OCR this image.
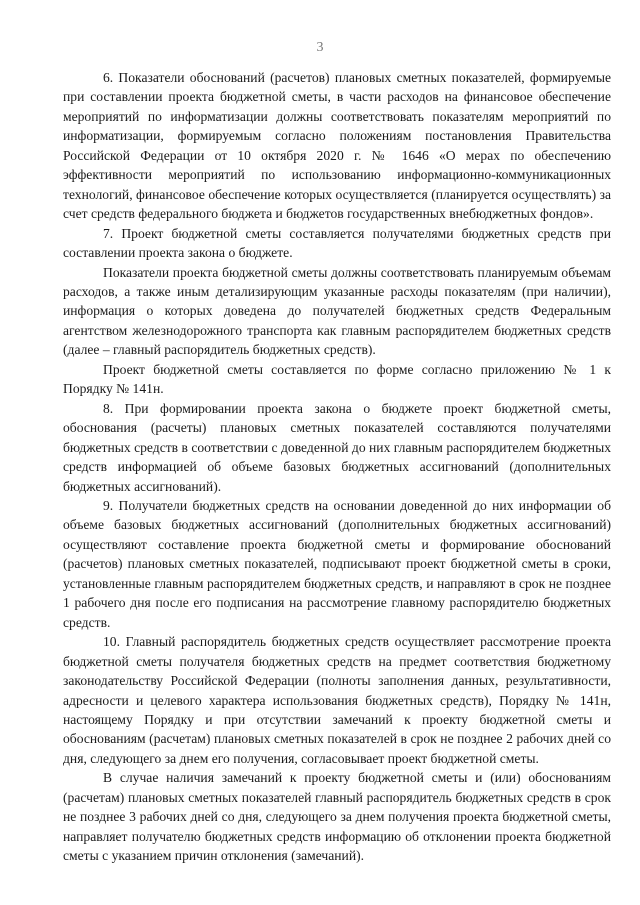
3

6. Показатели обоснований (расчетов) плановых сметных показателей, формируемые при составлении проекта бюджетной сметы, в части расходов на финансовое обеспечение мероприятий по информатизации должны соответствовать показателям мероприятий по информатизации, формируемым согласно положениям постановления Правительства Российской Федерации от 10 октября 2020 г. № 1646 «О мерах по обеспечению эффективности мероприятий по использованию информационно-коммуникационных технологий, финансовое обеспечение которых осуществляется (планируется осуществлять) за счет средств федерального бюджета и бюджетов государственных внебюджетных фондов».

7. Проект бюджетной сметы составляется получателями бюджетных средств при составлении проекта закона о бюджете.

Показатели проекта бюджетной сметы должны соответствовать планируемым объемам расходов, а также иным детализирующим указанные расходы показателям (при наличии), информация о которых доведена до получателей бюджетных средств Федеральным агентством железнодорожного транспорта как главным распорядителем бюджетных средств (далее – главный распорядитель бюджетных средств).

Проект бюджетной сметы составляется по форме согласно приложению № 1 к Порядку № 141н.

8. При формировании проекта закона о бюджете проект бюджетной сметы, обоснования (расчеты) плановых сметных показателей составляются получателями бюджетных средств в соответствии с доведенной до них главным распорядителем бюджетных средств информацией об объеме базовых бюджетных ассигнований (дополнительных бюджетных ассигнований).

9. Получатели бюджетных средств на основании доведенной до них информации об объеме базовых бюджетных ассигнований (дополнительных бюджетных ассигнований) осуществляют составление проекта бюджетной сметы и формирование обоснований (расчетов) плановых сметных показателей, подписывают проект бюджетной сметы в сроки, установленные главным распорядителем бюджетных средств, и направляют в срок не позднее 1 рабочего дня после его подписания на рассмотрение главному распорядителю бюджетных средств.

10. Главный распорядитель бюджетных средств осуществляет рассмотрение проекта бюджетной сметы получателя бюджетных средств на предмет соответствия бюджетному законодательству Российской Федерации (полноты заполнения данных, результативности, адресности и целевого характера использования бюджетных средств), Порядку № 141н, настоящему Порядку и при отсутствии замечаний к проекту бюджетной сметы и обоснованиям (расчетам) плановых сметных показателей в срок не позднее 2 рабочих дней со дня, следующего за днем его получения, согласовывает проект бюджетной сметы.

В случае наличия замечаний к проекту бюджетной сметы и (или) обоснованиям (расчетам) плановых сметных показателей главный распорядитель бюджетных средств в срок не позднее 3 рабочих дней со дня, следующего за днем получения проекта бюджетной сметы, направляет получателю бюджетных средств информацию об отклонении проекта бюджетной сметы с указанием причин отклонения (замечаний).
